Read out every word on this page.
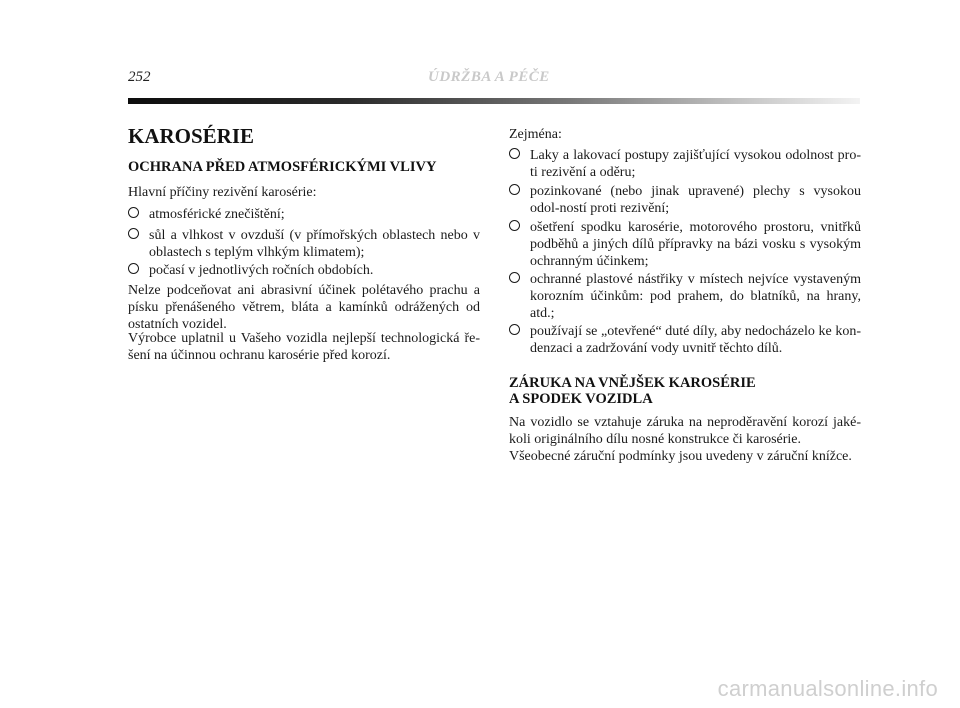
252	ÚDRŽBA A PÉČE
KAROSÉRIE
OCHRANA PŘED ATMOSFÉRICKÝMI VLIVY

Hlavní příčiny rezivění karosérie:

atmosférické znečištění;
sůl a vlhkost v ovzduší (v přímořských oblastech nebo v oblastech s teplým vlhkým klimatem);
počasí v jednotlivých ročních obdobích.

Nelze podceňovat ani abrasivní účinek polétavého prachu a písku přenášeného větrem, bláta a kamínků odrážených od ostatních vozidel.

Výrobce uplatnil u Vašeho vozidla nejlepší technologická ře-šení na účinnou ochranu karosérie před korozí.

Zejména:

Laky a lakovací postupy zajišťující vysokou odolnost pro-ti rezivění a oděru;
pozinkované (nebo jinak upravené) plechy s vysokou odol-ností proti rezivění;
ošetření spodku karosérie, motorového prostoru, vnitřků podběhů a jiných dílů přípravky na bázi vosku s vysokým ochranným účinkem;
ochranné plastové nástřiky v místech nejvíce vystaveným korozním účinkům: pod prahem, do blatníků, na hrany, atd.;
používají se „otevřené“ duté díly, aby nedocházelo ke kon-denzaci a zadržování vody uvnitř těchto dílů.
ZÁRUKA NA VNĚJŠEK KAROSÉRIE
A SPODEK VOZIDLA

Na vozidlo se vztahuje záruka na neproděravění korozí jaké-koli originálního dílu nosné konstrukce či karosérie.

Všeobecné záruční podmínky jsou uvedeny v záruční knížce.

carmanualsonline.info
